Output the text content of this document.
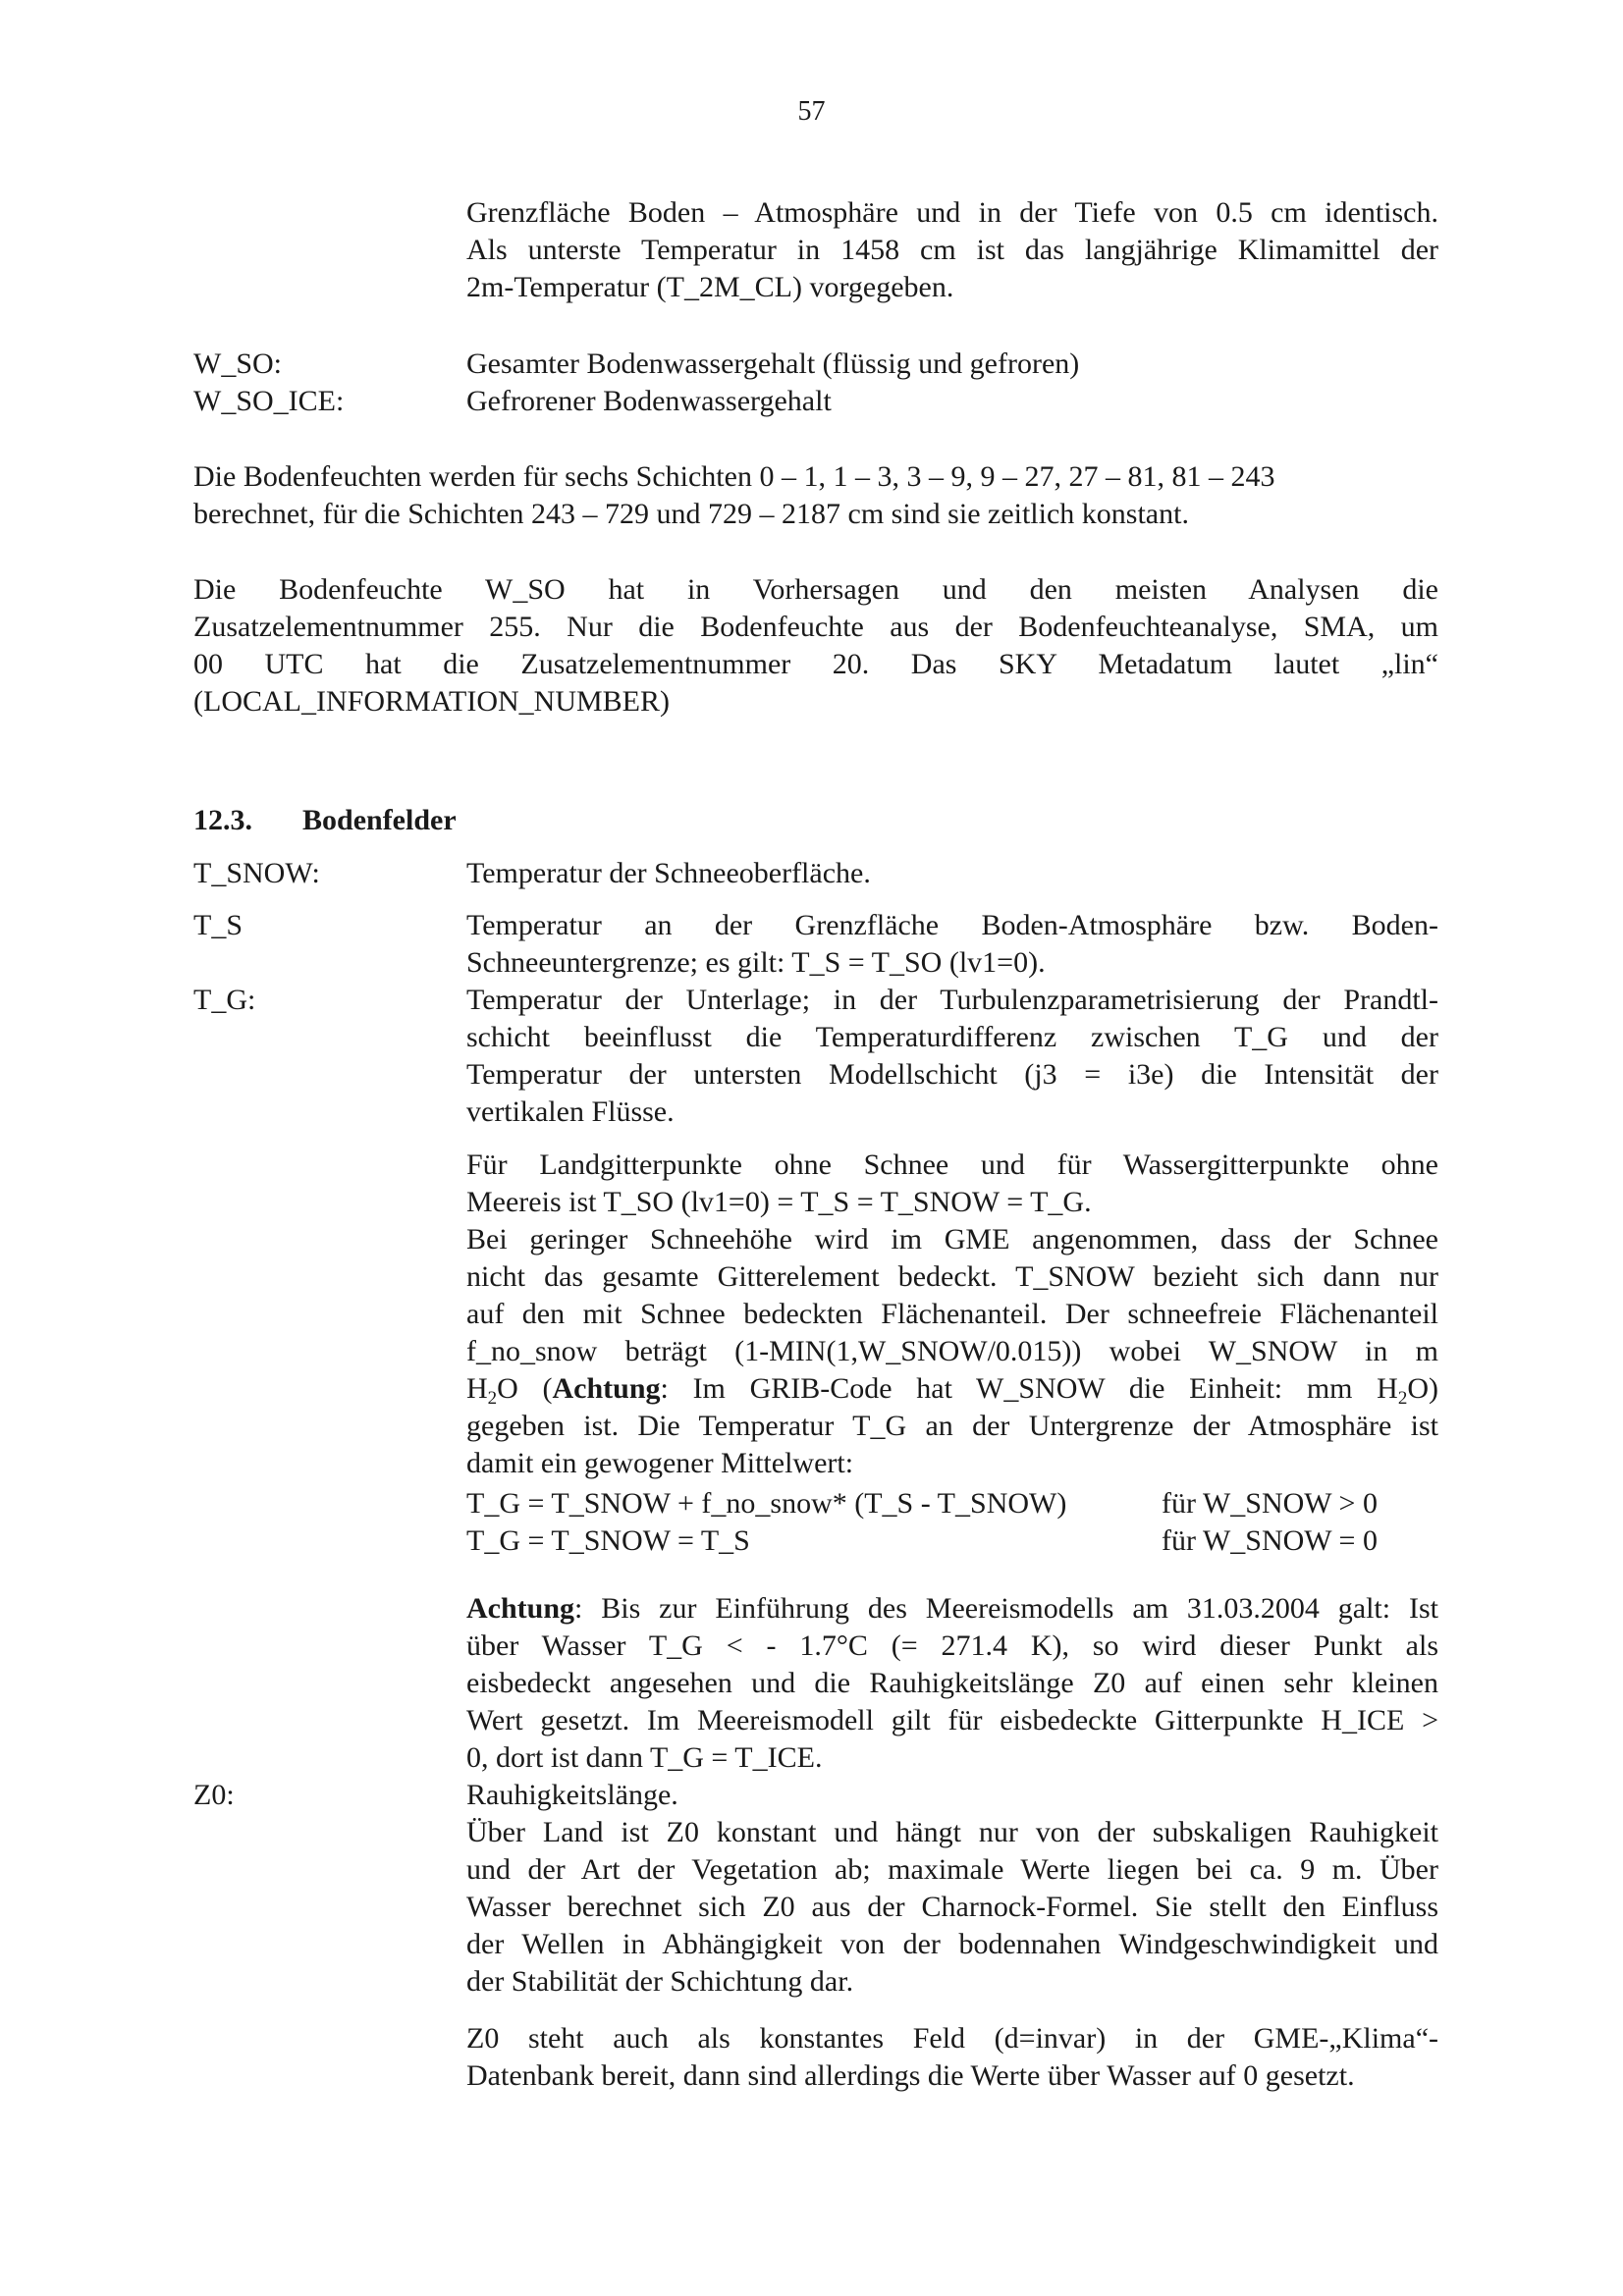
57
Grenzfläche Boden – Atmosphäre und in der Tiefe von 0.5 cm identisch.
Als unterste Temperatur in 1458 cm ist das langjährige Klimamittel der
2m-Temperatur (T_2M_CL) vorgegeben.
W_SO:	Gesamter Bodenwassergehalt (flüssig und gefroren)
W_SO_ICE:	Gefrorener Bodenwassergehalt
Die Bodenfeuchten werden für sechs Schichten 0 – 1, 1 – 3, 3 – 9, 9 – 27, 27 – 81, 81 – 243
berechnet, für die Schichten 243 – 729 und 729 – 2187 cm sind sie zeitlich konstant.
Die Bodenfeuchte W_SO hat in Vorhersagen und den meisten Analysen die
Zusatzelementnummer 255. Nur die Bodenfeuchte aus der Bodenfeuchteanalyse, SMA, um
00 UTC hat die Zusatzelementnummer 20. Das SKY Metadatum lautet „lin“
(LOCAL_INFORMATION_NUMBER)
12.3. Bodenfelder
T_SNOW:	Temperatur der Schneeoberfläche.
T_S	Temperatur an der Grenzfläche Boden-Atmosphäre bzw. Boden-
Schneeuntergrenze; es gilt: T_S = T_SO (lv1=0).
T_G:	Temperatur der Unterlage; in der Turbulenzparametrisierung der Prandtl-
schicht beeinflusst die Temperaturdifferenz zwischen T_G und der
Temperatur der untersten Modellschicht (j3 = i3e) die Intensität der
vertikalen Flüsse.
Für Landgitterpunkte ohne Schnee und für Wassergitterpunkte ohne
Meereis ist T_SO (lv1=0) = T_S = T_SNOW = T_G.
Bei geringer Schneehöhe wird im GME angenommen, dass der Schnee
nicht das gesamte Gitterelement bedeckt. T_SNOW bezieht sich dann nur
auf den mit Schnee bedeckten Flächenanteil. Der schneefreie Flächenanteil
f_no_snow beträgt (1-MIN(1,W_SNOW/0.015)) wobei W_SNOW in m
$H_2O$ (Achtung: Im GRIB-Code hat W_SNOW die Einheit: mm $H_2O$)
gegeben ist. Die Temperatur T_G an der Untergrenze der Atmosphäre ist
damit ein gewogener Mittelwert:
T_G = T_SNOW + f_no_snow* (T_S - T_SNOW)	für W_SNOW > 0
T_G = T_SNOW = T_S	für W_SNOW = 0
Achtung: Bis zur Einführung des Meereismodells am 31.03.2004 galt: Ist
über Wasser T_G < - 1.7°C (= 271.4 K), so wird dieser Punkt als
eisbedeckt angesehen und die Rauhigkeitslänge Z0 auf einen sehr kleinen
Wert gesetzt. Im Meereismodell gilt für eisbedeckte Gitterpunkte H_ICE >
0, dort ist dann T_G = T_ICE.
Z0:	Rauhigkeitslänge.
Über Land ist Z0 konstant und hängt nur von der subskaligen Rauhigkeit
und der Art der Vegetation ab; maximale Werte liegen bei ca. 9 m. Über
Wasser berechnet sich Z0 aus der Charnock-Formel. Sie stellt den Einfluss
der Wellen in Abhängigkeit von der bodennahen Windgeschwindigkeit und
der Stabilität der Schichtung dar.
Z0 steht auch als konstantes Feld (d=invar) in der GME-„Klima“-
Datenbank bereit, dann sind allerdings die Werte über Wasser auf 0 gesetzt.
